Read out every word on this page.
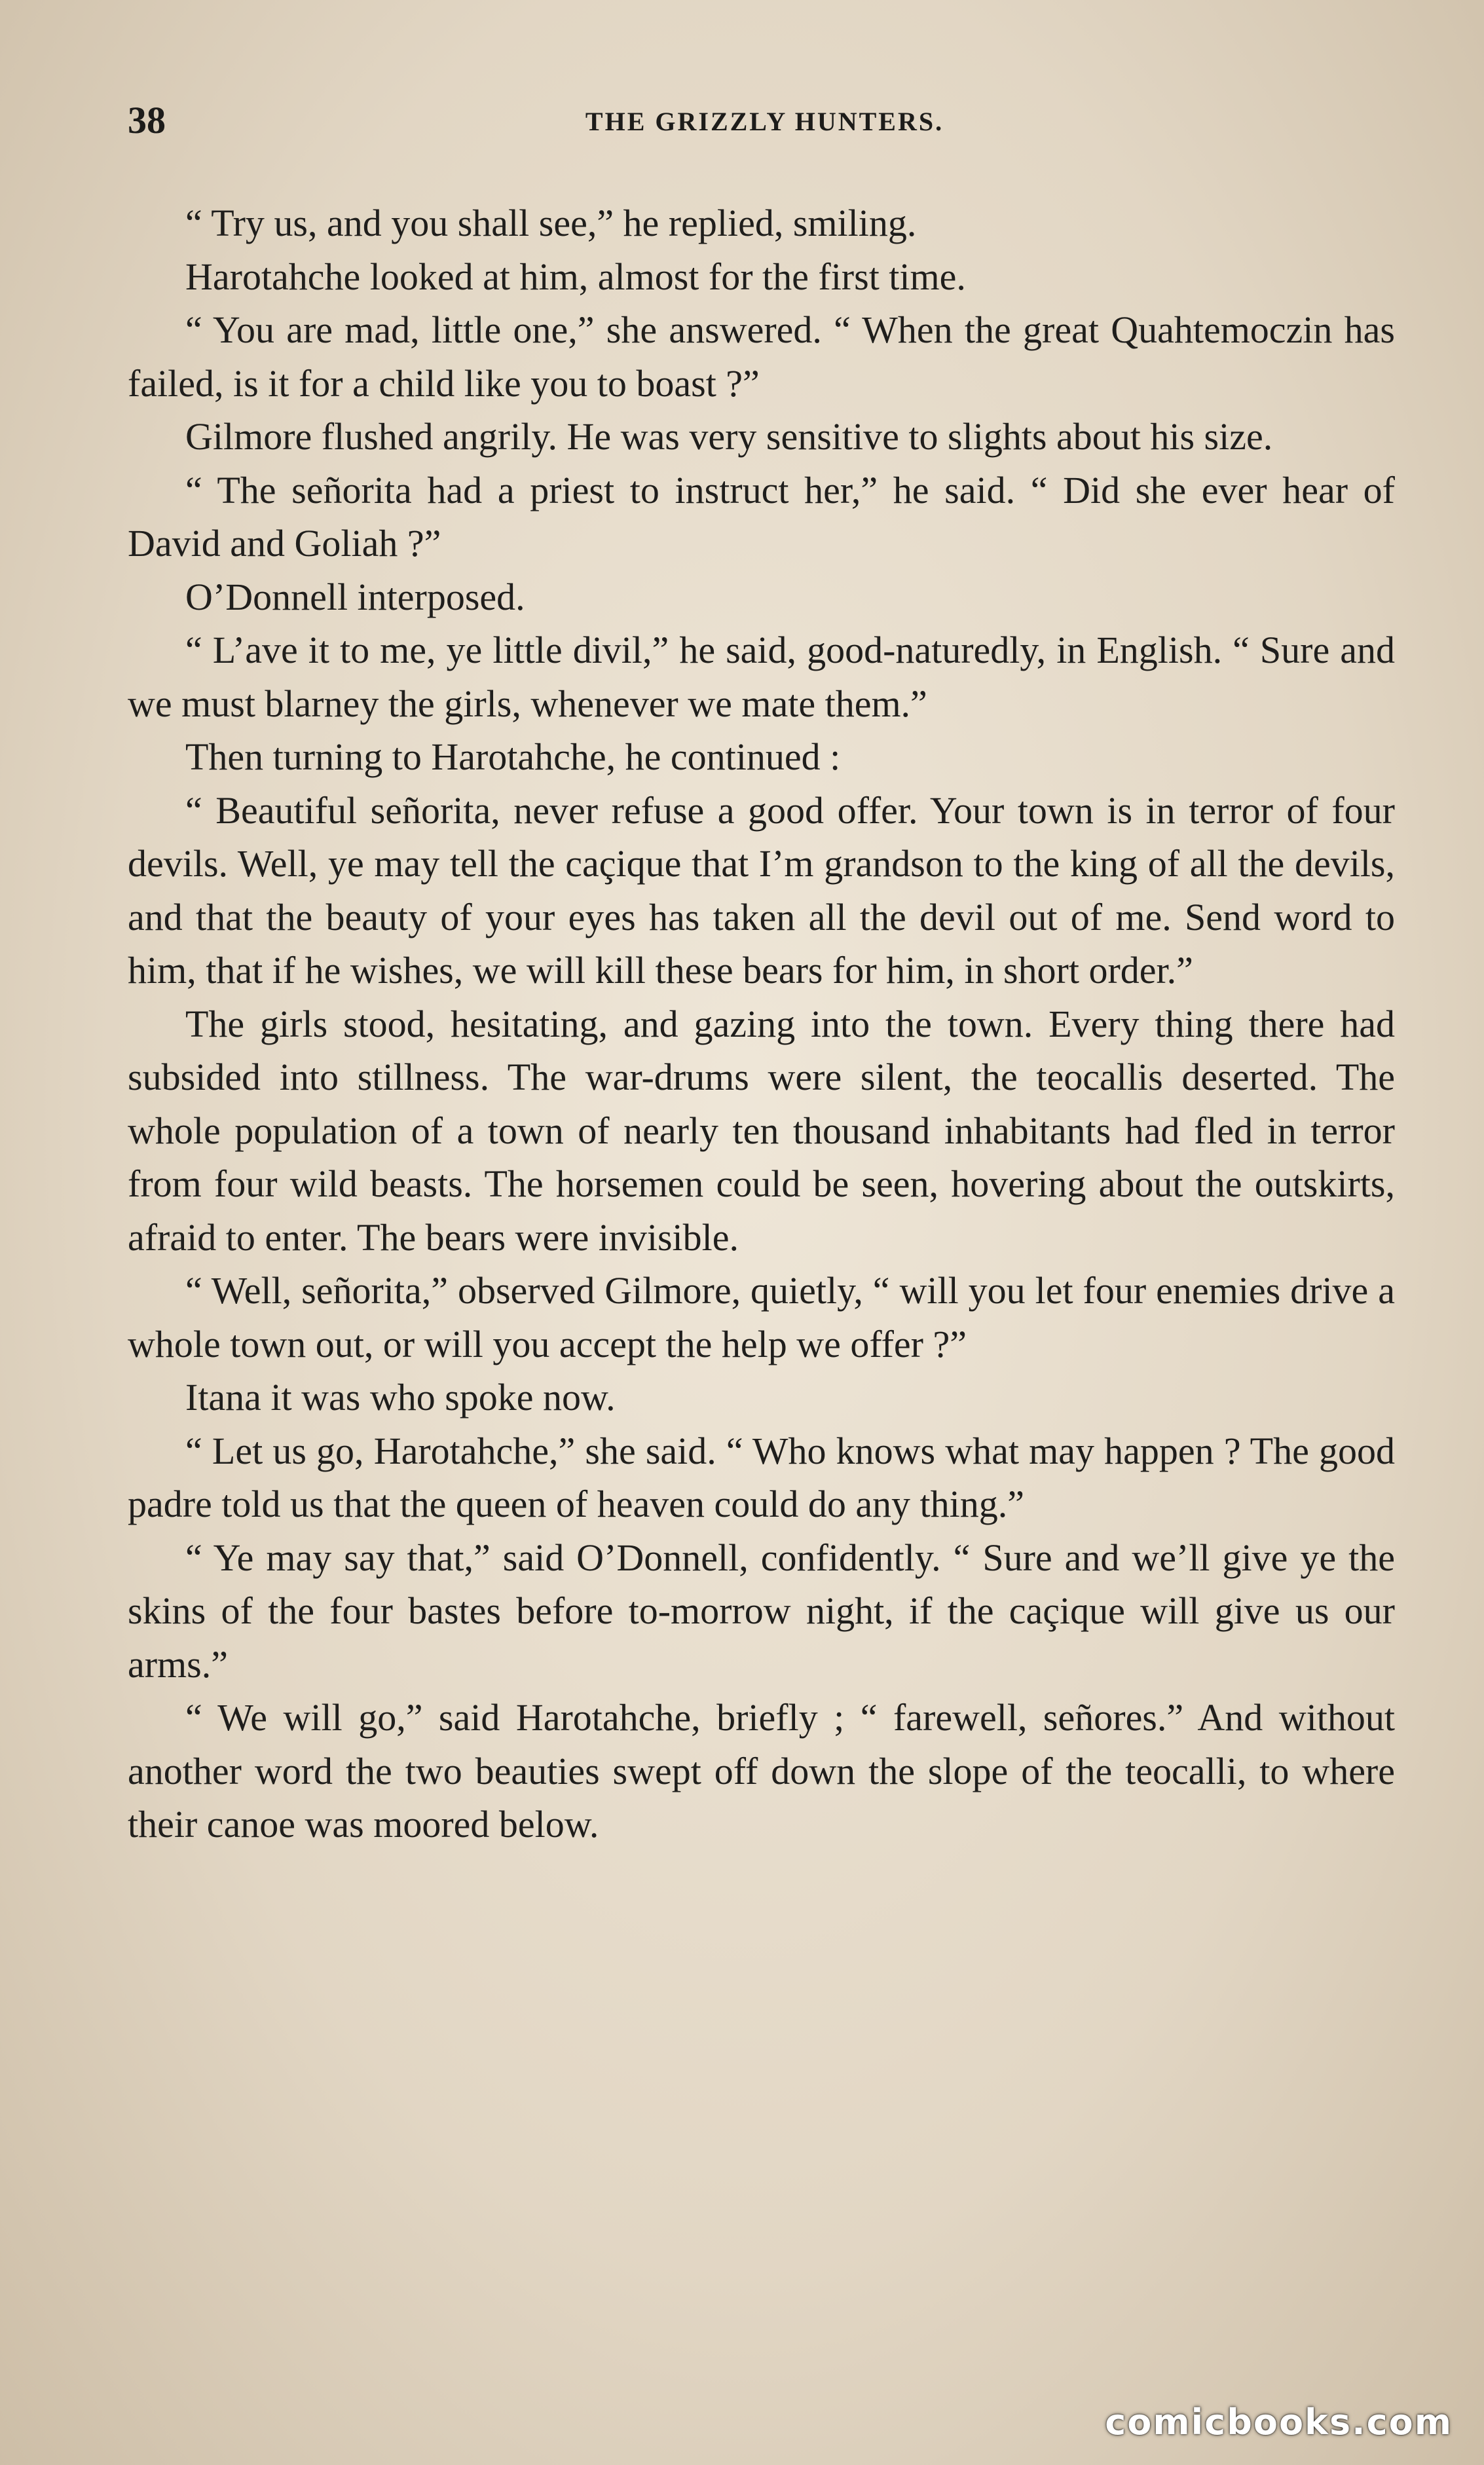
38	THE GRIZZLY HUNTERS.

“ Try us, and you shall see,” he replied, smiling.

Harotahche looked at him, almost for the first time.

“ You are mad, little one,” she answered. “ When the great Quahtemoczin has failed, is it for a child like you to boast ?”

Gilmore flushed angrily. He was very sensitive to slights about his size.

“ The señorita had a priest to instruct her,” he said. “ Did she ever hear of David and Goliah ?”

O’Donnell interposed.

“ L’ave it to me, ye little divil,” he said, good-naturedly, in English. “ Sure and we must blarney the girls, whenever we mate them.”

Then turning to Harotahche, he continued :

“ Beautiful señorita, never refuse a good offer. Your town is in terror of four devils. Well, ye may tell the caçique that I’m grandson to the king of all the devils, and that the beauty of your eyes has taken all the devil out of me. Send word to him, that if he wishes, we will kill these bears for him, in short order.”

The girls stood, hesitating, and gazing into the town. Every thing there had subsided into stillness. The war-drums were silent, the teocallis deserted. The whole population of a town of nearly ten thousand inhabitants had fled in terror from four wild beasts. The horsemen could be seen, hovering about the outskirts, afraid to enter. The bears were invisible.

“ Well, señorita,” observed Gilmore, quietly, “ will you let four enemies drive a whole town out, or will you accept the help we offer ?”

Itana it was who spoke now.

“ Let us go, Harotahche,” she said. “ Who knows what may happen ? The good padre told us that the queen of heaven could do any thing.”

“ Ye may say that,” said O’Donnell, confidently. “ Sure and we’ll give ye the skins of the four bastes before to-morrow night, if the caçique will give us our arms.”

“ We will go,” said Harotahche, briefly ; “ farewell, señores.” And without another word the two beauties swept off down the slope of the teocalli, to where their canoe was moored below.

comicbooks.com
